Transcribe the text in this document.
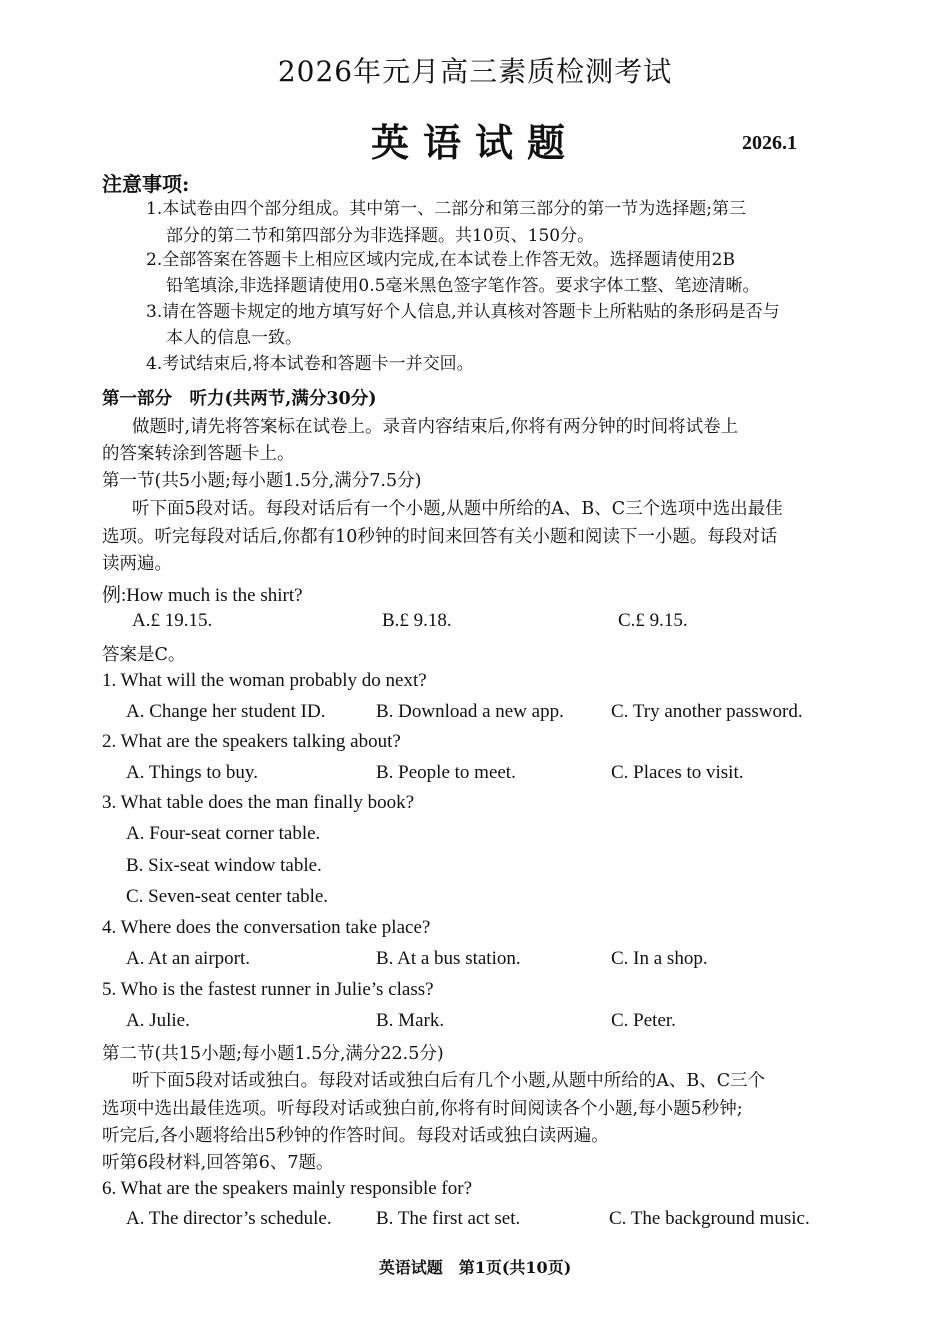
2026年元月高三素质检测考试
英语试题	2026.1
注意事项:
1.本试卷由四个部分组成。其中第一、二部分和第三部分的第一节为选择题;第三
部分的第二节和第四部分为非选择题。共10页、150分。
2.全部答案在答题卡上相应区域内完成,在本试卷上作答无效。选择题请使用2B
铅笔填涂,非选择题请使用0.5毫米黑色签字笔作答。要求字体工整、笔迹清晰。
3.请在答题卡规定的地方填写好个人信息,并认真核对答题卡上所粘贴的条形码是否与
本人的信息一致。
4.考试结束后,将本试卷和答题卡一并交回。
第一部分　听力(共两节,满分30分)
做题时,请先将答案标在试卷上。录音内容结束后,你将有两分钟的时间将试卷上
的答案转涂到答题卡上。
第一节(共5小题;每小题1.5分,满分7.5分)
听下面5段对话。每段对话后有一个小题,从题中所给的A、B、C三个选项中选出最佳
选项。听完每段对话后,你都有10秒钟的时间来回答有关小题和阅读下一小题。每段对话
读两遍。
例:How much is the shirt?
A.£ 19.15.	B.£ 9.18.	C.£ 9.15.
答案是C。
1. What will the woman probably do next?
A. Change her student ID.	B. Download a new app. C. Try another password.
2. What are the speakers talking about?
A. Things to buy.	B. People to meet.	C. Places to visit.
3. What table does the man finally book?
A. Four-seat corner table.
B. Six-seat window table.
C. Seven-seat center table.
4. Where does the conversation take place?
A. At an airport.	B. At a bus station.	C. In a shop.
5. Who is the fastest runner in Julie’s class?
A. Julie.	B. Mark.	C. Peter.
第二节(共15小题;每小题1.5分,满分22.5分)
听下面5段对话或独白。每段对话或独白后有几个小题,从题中所给的A、B、C三个
选项中选出最佳选项。听每段对话或独白前,你将有时间阅读各个小题,每小题5秒钟;
听完后,各小题将给出5秒钟的作答时间。每段对话或独白读两遍。
听第6段材料,回答第6、7题。
6. What are the speakers mainly responsible for?
A. The director’s schedule. B. The first act set.	C. The background music.
英语试题　第1页(共10页)
